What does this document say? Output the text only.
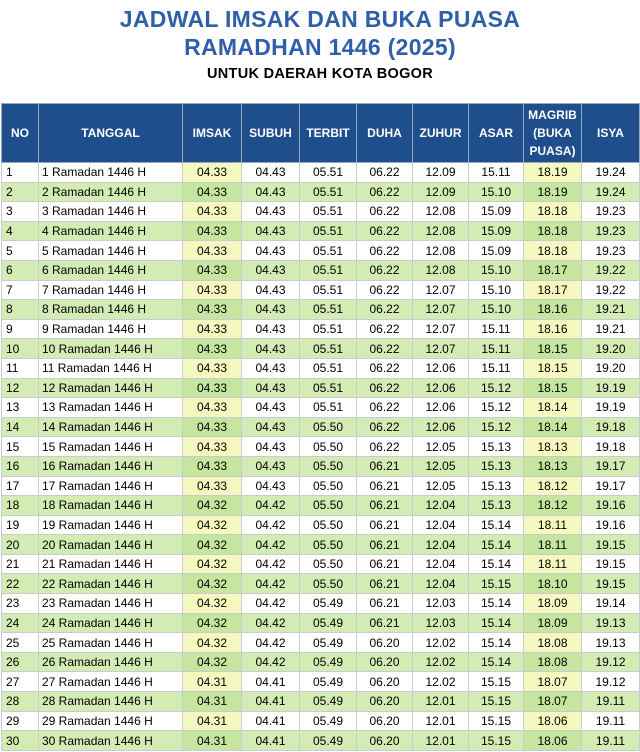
JADWAL IMSAK DAN BUKA PUASA
RAMADHAN 1446 (2025)
UNTUK DAERAH KOTA BOGOR
NO	TANGGAL	IMSAK	SUBUH	TERBIT	DUHA	ZUHUR	ASAR	MAGRIB (BUKA PUASA)	ISYA
1	1 Ramadan 1446 H	04.33	04.43	05.51	06.22	12.09	15.11	18.19	19.24
2	2 Ramadan 1446 H	04.33	04.43	05.51	06.22	12.09	15.10	18.19	19.24
3	3 Ramadan 1446 H	04.33	04.43	05.51	06.22	12.08	15.09	18.18	19.23
4	4 Ramadan 1446 H	04.33	04.43	05.51	06.22	12.08	15.09	18.18	19.23
5	5 Ramadan 1446 H	04.33	04.43	05.51	06.22	12.08	15.09	18.18	19.23
6	6 Ramadan 1446 H	04.33	04.43	05.51	06.22	12.08	15.10	18.17	19.22
7	7 Ramadan 1446 H	04.33	04.43	05.51	06.22	12.07	15.10	18.17	19.22
8	8 Ramadan 1446 H	04.33	04.43	05.51	06.22	12.07	15.10	18.16	19.21
9	9 Ramadan 1446 H	04.33	04.43	05.51	06.22	12.07	15.11	18.16	19.21
10	10 Ramadan 1446 H	04.33	04.43	05.51	06.22	12.07	15.11	18.15	19.20
11	11 Ramadan 1446 H	04.33	04.43	05.51	06.22	12.06	15.11	18.15	19.20
12	12 Ramadan 1446 H	04.33	04.43	05.51	06.22	12.06	15.12	18.15	19.19
13	13 Ramadan 1446 H	04.33	04.43	05.51	06.22	12.06	15.12	18.14	19.19
14	14 Ramadan 1446 H	04.33	04.43	05.50	06.22	12.06	15.12	18.14	19.18
15	15 Ramadan 1446 H	04.33	04.43	05.50	06.22	12.05	15.13	18.13	19.18
16	16 Ramadan 1446 H	04.33	04.43	05.50	06.21	12.05	15.13	18.13	19.17
17	17 Ramadan 1446 H	04.33	04.43	05.50	06.21	12.05	15.13	18.12	19.17
18	18 Ramadan 1446 H	04.32	04.42	05.50	06.21	12.04	15.13	18.12	19.16
19	19 Ramadan 1446 H	04.32	04.42	05.50	06.21	12.04	15.14	18.11	19.16
20	20 Ramadan 1446 H	04.32	04.42	05.50	06.21	12.04	15.14	18.11	19.15
21	21 Ramadan 1446 H	04.32	04.42	05.50	06.21	12.04	15.14	18.11	19.15
22	22 Ramadan 1446 H	04.32	04.42	05.50	06.21	12.04	15.15	18.10	19.15
23	23 Ramadan 1446 H	04.32	04.42	05.49	06.21	12.03	15.14	18.09	19.14
24	24 Ramadan 1446 H	04.32	04.42	05.49	06.21	12.03	15.14	18.09	19.13
25	25 Ramadan 1446 H	04.32	04.42	05.49	06.20	12.02	15.14	18.08	19.13
26	26 Ramadan 1446 H	04.32	04.42	05.49	06.20	12.02	15.14	18.08	19.12
27	27 Ramadan 1446 H	04.31	04.41	05.49	06.20	12.02	15.15	18.07	19.12
28	28 Ramadan 1446 H	04.31	04.41	05.49	06.20	12.01	15.15	18.07	19.11
29	29 Ramadan 1446 H	04.31	04.41	05.49	06.20	12.01	15.15	18.06	19.11
30	30 Ramadan 1446 H	04.31	04.41	05.49	06.20	12.01	15.15	18.06	19.11
